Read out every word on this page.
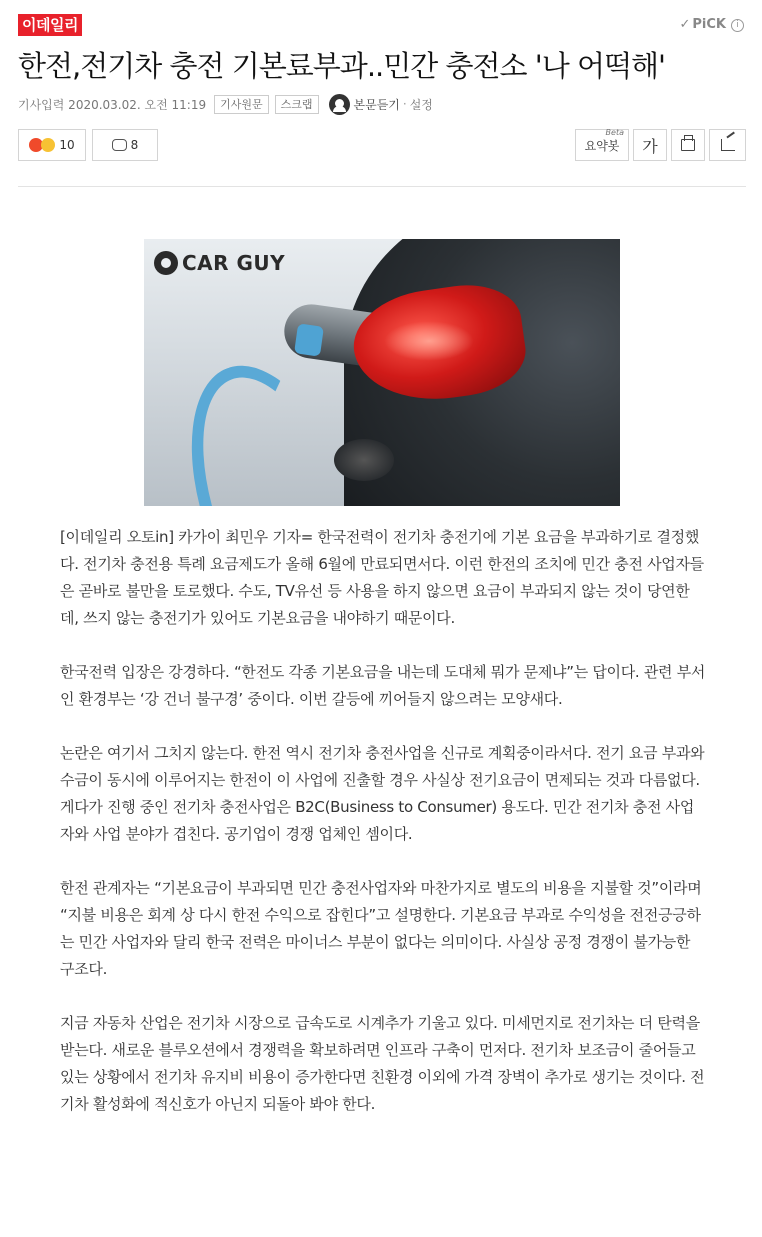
이데일리	✓ PiCK	i
한전,전기차 충전 기본료부과..민간 충전소 '나 어떡해'
기사입력 2020.03.02. 오전 11:19	기사원문	스크랩	본문듣기 · 설정
10	8	요약봇
Beta
가
CAR GUY

[이데일리 오토in] 카가이 최민우 기자= 한국전력이 전기차 충전기에 기본 요금을 부과하기로 결정했다. 전기차 충전용 특례 요금제도가 올해 6월에 만료되면서다. 이런 한전의 조치에 민간 충전 사업자들은 곧바로 불만을 토로했다. 수도, TV유선 등 사용을 하지 않으면 요금이 부과되지 않는 것이 당연한데, 쓰지 않는 충전기가 있어도 기본요금을 내야하기 때문이다.

한국전력 입장은 강경하다. “한전도 각종 기본요금을 내는데 도대체 뭐가 문제냐”는 답이다. 관련 부서인 환경부는 ‘강 건너 불구경’ 중이다. 이번 갈등에 끼어들지 않으려는 모양새다.

논란은 여기서 그치지 않는다. 한전 역시 전기차 충전사업을 신규로 계획중이라서다. 전기 요금 부과와 수금이 동시에 이루어지는 한전이 이 사업에 진출할 경우 사실상 전기요금이 면제되는 것과 다름없다. 게다가 진행 중인 전기차 충전사업은 B2C(Business to Consumer) 용도다. 민간 전기차 충전 사업자와 사업 분야가 겹친다. 공기업이 경쟁 업체인 셈이다.

한전 관계자는 “기본요금이 부과되면 민간 충전사업자와 마찬가지로 별도의 비용을 지불할 것”이라며 “지불 비용은 회계 상 다시 한전 수익으로 잡힌다”고 설명한다. 기본요금 부과로 수익성을 전전긍긍하는 민간 사업자와 달리 한국 전력은 마이너스 부분이 없다는 의미이다. 사실상 공정 경쟁이 불가능한 구조다.

지금 자동차 산업은 전기차 시장으로 급속도로 시계추가 기울고 있다. 미세먼지로 전기차는 더 탄력을 받는다. 새로운 블루오션에서 경쟁력을 확보하려면 인프라 구축이 먼저다. 전기차 보조금이 줄어들고 있는 상황에서 전기차 유지비 비용이 증가한다면 친환경 이외에 가격 장벽이 추가로 생기는 것이다. 전기차 활성화에 적신호가 아닌지 되돌아 봐야 한다.
